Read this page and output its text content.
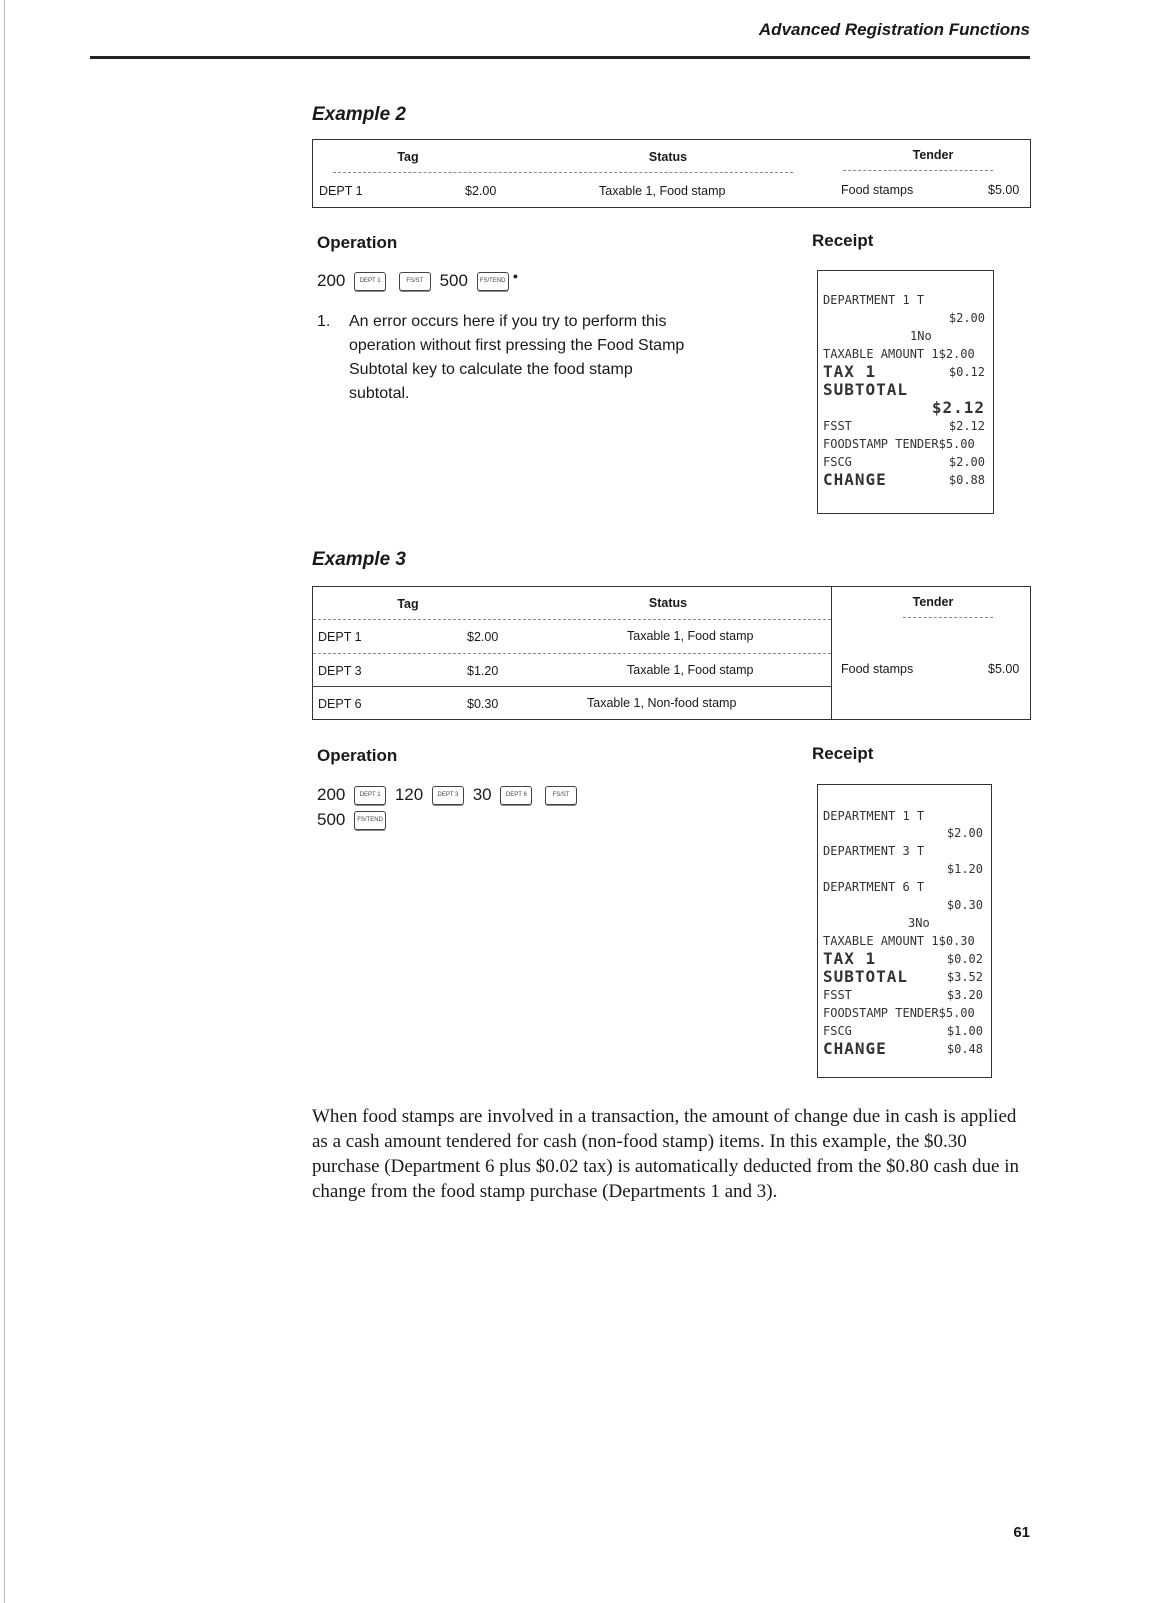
Advanced Registration Functions
Example 2
Tag	Status	Tender
DEPT 1	$2.00	Taxable 1, Food stamp	Food stamps	$5.00
Operation
200 DEPT 1	FS/ST 500 FS/TEND●
1. An error occurs here if you try to perform this operation without first pressing the Food Stamp Subtotal key to calculate the food stamp subtotal.
Receipt
DEPARTMENT 1 T
$2.00
1No
TAXABLE AMOUNT 1$2.00
TAX 1	$0.12
SUBTOTAL
$2.12
FSST	$2.12
FOODSTAMP TENDER$5.00
FSCG	$2.00
CHANGE	$0.88
Example 3
Tag	Status	Tender
DEPT 1	$2.00	Taxable 1, Food stamp
DEPT 3	$1.20	Taxable 1, Food stamp
DEPT 6	$0.30	Taxable 1, Non-food stamp
Food stamps	$5.00
Operation
200 DEPT 1 120 DEPT 3 30 DEPT 6	FS/ST
500 FS/TEND
Receipt
DEPARTMENT 1 T
$2.00
DEPARTMENT 3 T
$1.20
DEPARTMENT 6 T
$0.30
3No
TAXABLE AMOUNT 1$0.30
TAX 1	$0.02
SUBTOTAL	$3.52
FSST	$3.20
FOODSTAMP TENDER$5.00
FSCG	$1.00
CHANGE	$0.48
When food stamps are involved in a transaction, the amount of change due in cash is applied as a cash amount tendered for cash (non-food stamp) items. In this example, the $0.30 purchase (Department 6 plus $0.02 tax) is automatically deducted from the $0.80 cash due in change from the food stamp purchase (Departments 1 and 3).
61
